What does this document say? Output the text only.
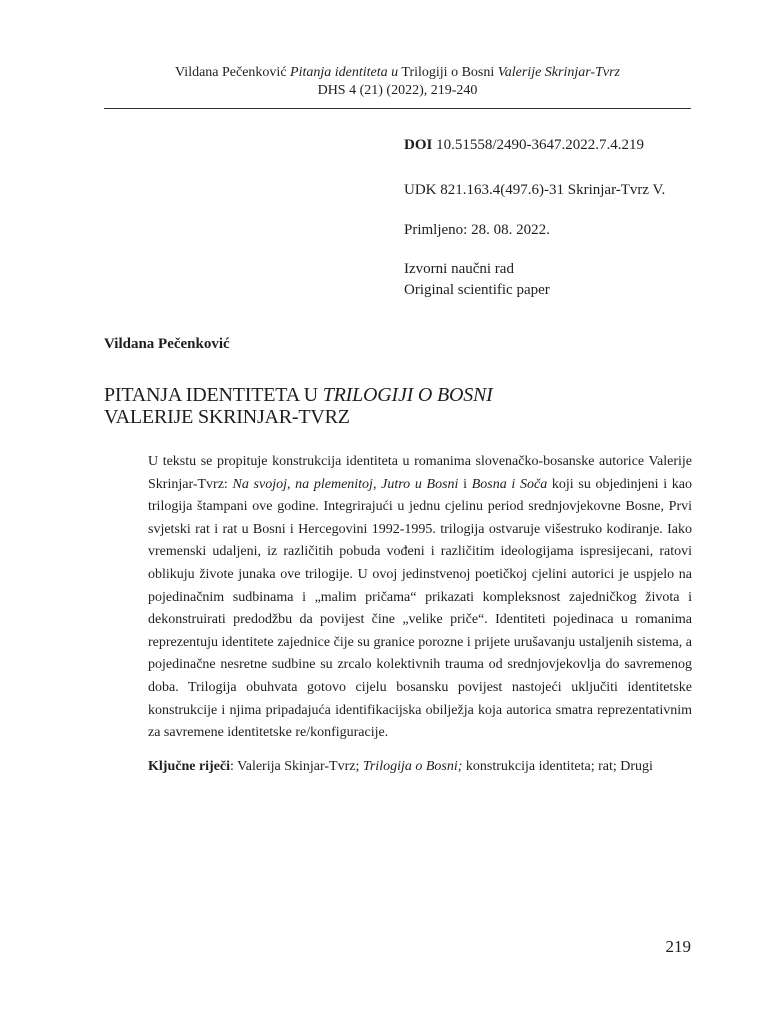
Vildana Pečenković Pitanja identiteta u Trilogiji o Bosni Valerije Skrinjar-Tvrz
DHS 4 (21) (2022), 219-240
DOI 10.51558/2490-3647.2022.7.4.219
UDK 821.163.4(497.6)-31 Skrinjar-Tvrz V.
Primljeno: 28. 08. 2022.
Izvorni naučni rad
Original scientific paper
Vildana Pečenković
PITANJA IDENTITETA U TRILOGIJI O BOSNI
VALERIJE SKRINJAR-TVRZ
U tekstu se propituje konstrukcija identiteta u romanima slovenačko-bosanske autorice Valerije Skrinjar-Tvrz: Na svojoj, na plemenitoj, Jutro u Bosni i Bosna i Soča koji su objedinjeni i kao trilogija štampani ove godine. Integrirajući u jednu cjelinu period srednjovjekovne Bosne, Prvi svjetski rat i rat u Bosni i Hercegovini 1992-1995. trilogija ostvaruje višestruko kodiranje. Iako vremenski udaljeni, iz različitih pobuda vođeni i različitim ideologijama ispresijecani, ratovi oblikuju živote junaka ove trilogije. U ovoj jedinstvenoj poetičkoj cjelini autorici je uspjelo na pojedinačnim sudbinama i „malim pričama“ prikazati kompleksnost zajedničkog života i dekonstruirati predodžbu da povijest čine „velike priče“. Identiteti pojedinaca u romanima reprezentuju identitete zajednice čije su granice porozne i prijete urušavanju ustaljenih sistema, a pojedinačne nesretne sudbine su zrcalo kolektivnih trauma od srednjovjekovlja do savremenog doba. Trilogija obuhvata gotovo cijelu bosansku povijest nastojeći uključiti identitetske konstrukcije i njima pripadajuća identifikacijska obilježja koja autorica smatra reprezentativnim za savremene identitetske re/konfiguracije.
Ključne riječi: Valerija Skinjar-Tvrz; Trilogija o Bosni; konstrukcija identiteta; rat; Drugi
219
